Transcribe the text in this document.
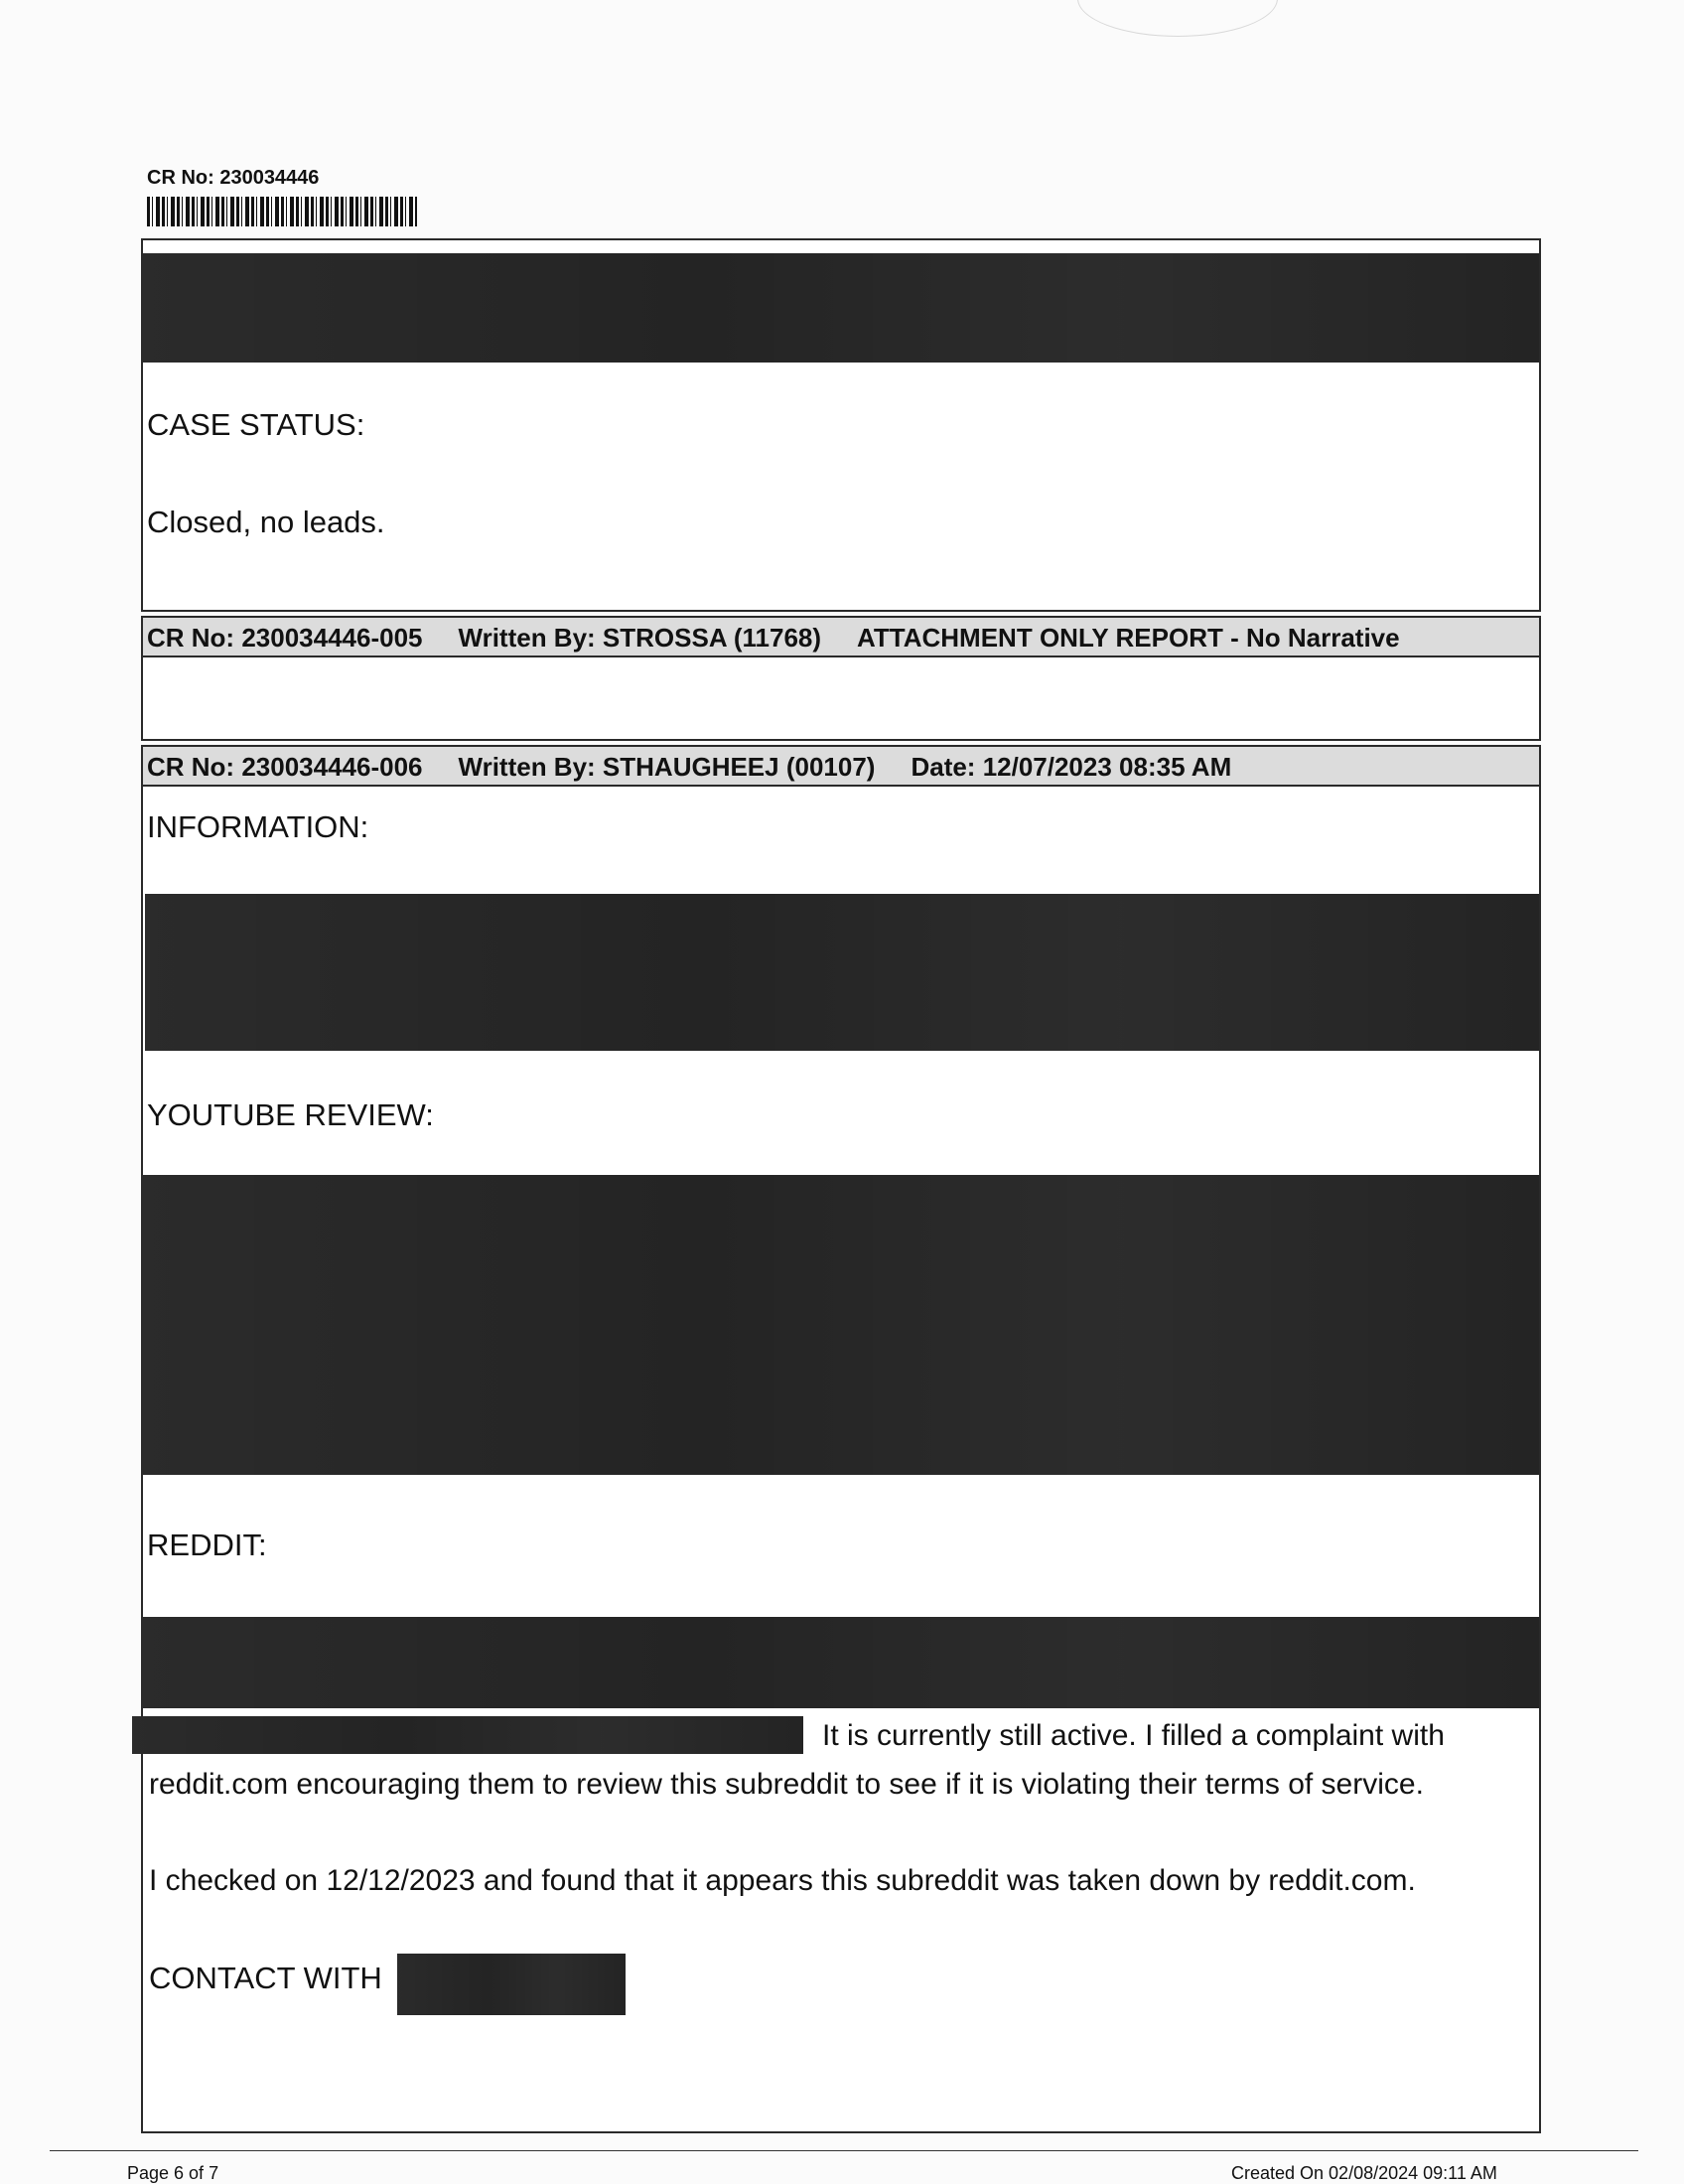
CR No: 230034446
CASE STATUS:
Closed, no leads.
CR No: 230034446-005 Written By: STROSSA (11768) ATTACHMENT ONLY REPORT - No Narrative
CR No: 230034446-006 Written By: STHAUGHEEJ (00107) Date: 12/07/2023 08:35 AM
INFORMATION:
YOUTUBE REVIEW:
REDDIT:
It is currently still active. I filled a complaint with
reddit.com encouraging them to review this subreddit to see if it is violating their terms of service.
I checked on 12/12/2023 and found that it appears this subreddit was taken down by reddit.com.
CONTACT WITH
Page 6 of 7	Created On 02/08/2024 09:11 AM
